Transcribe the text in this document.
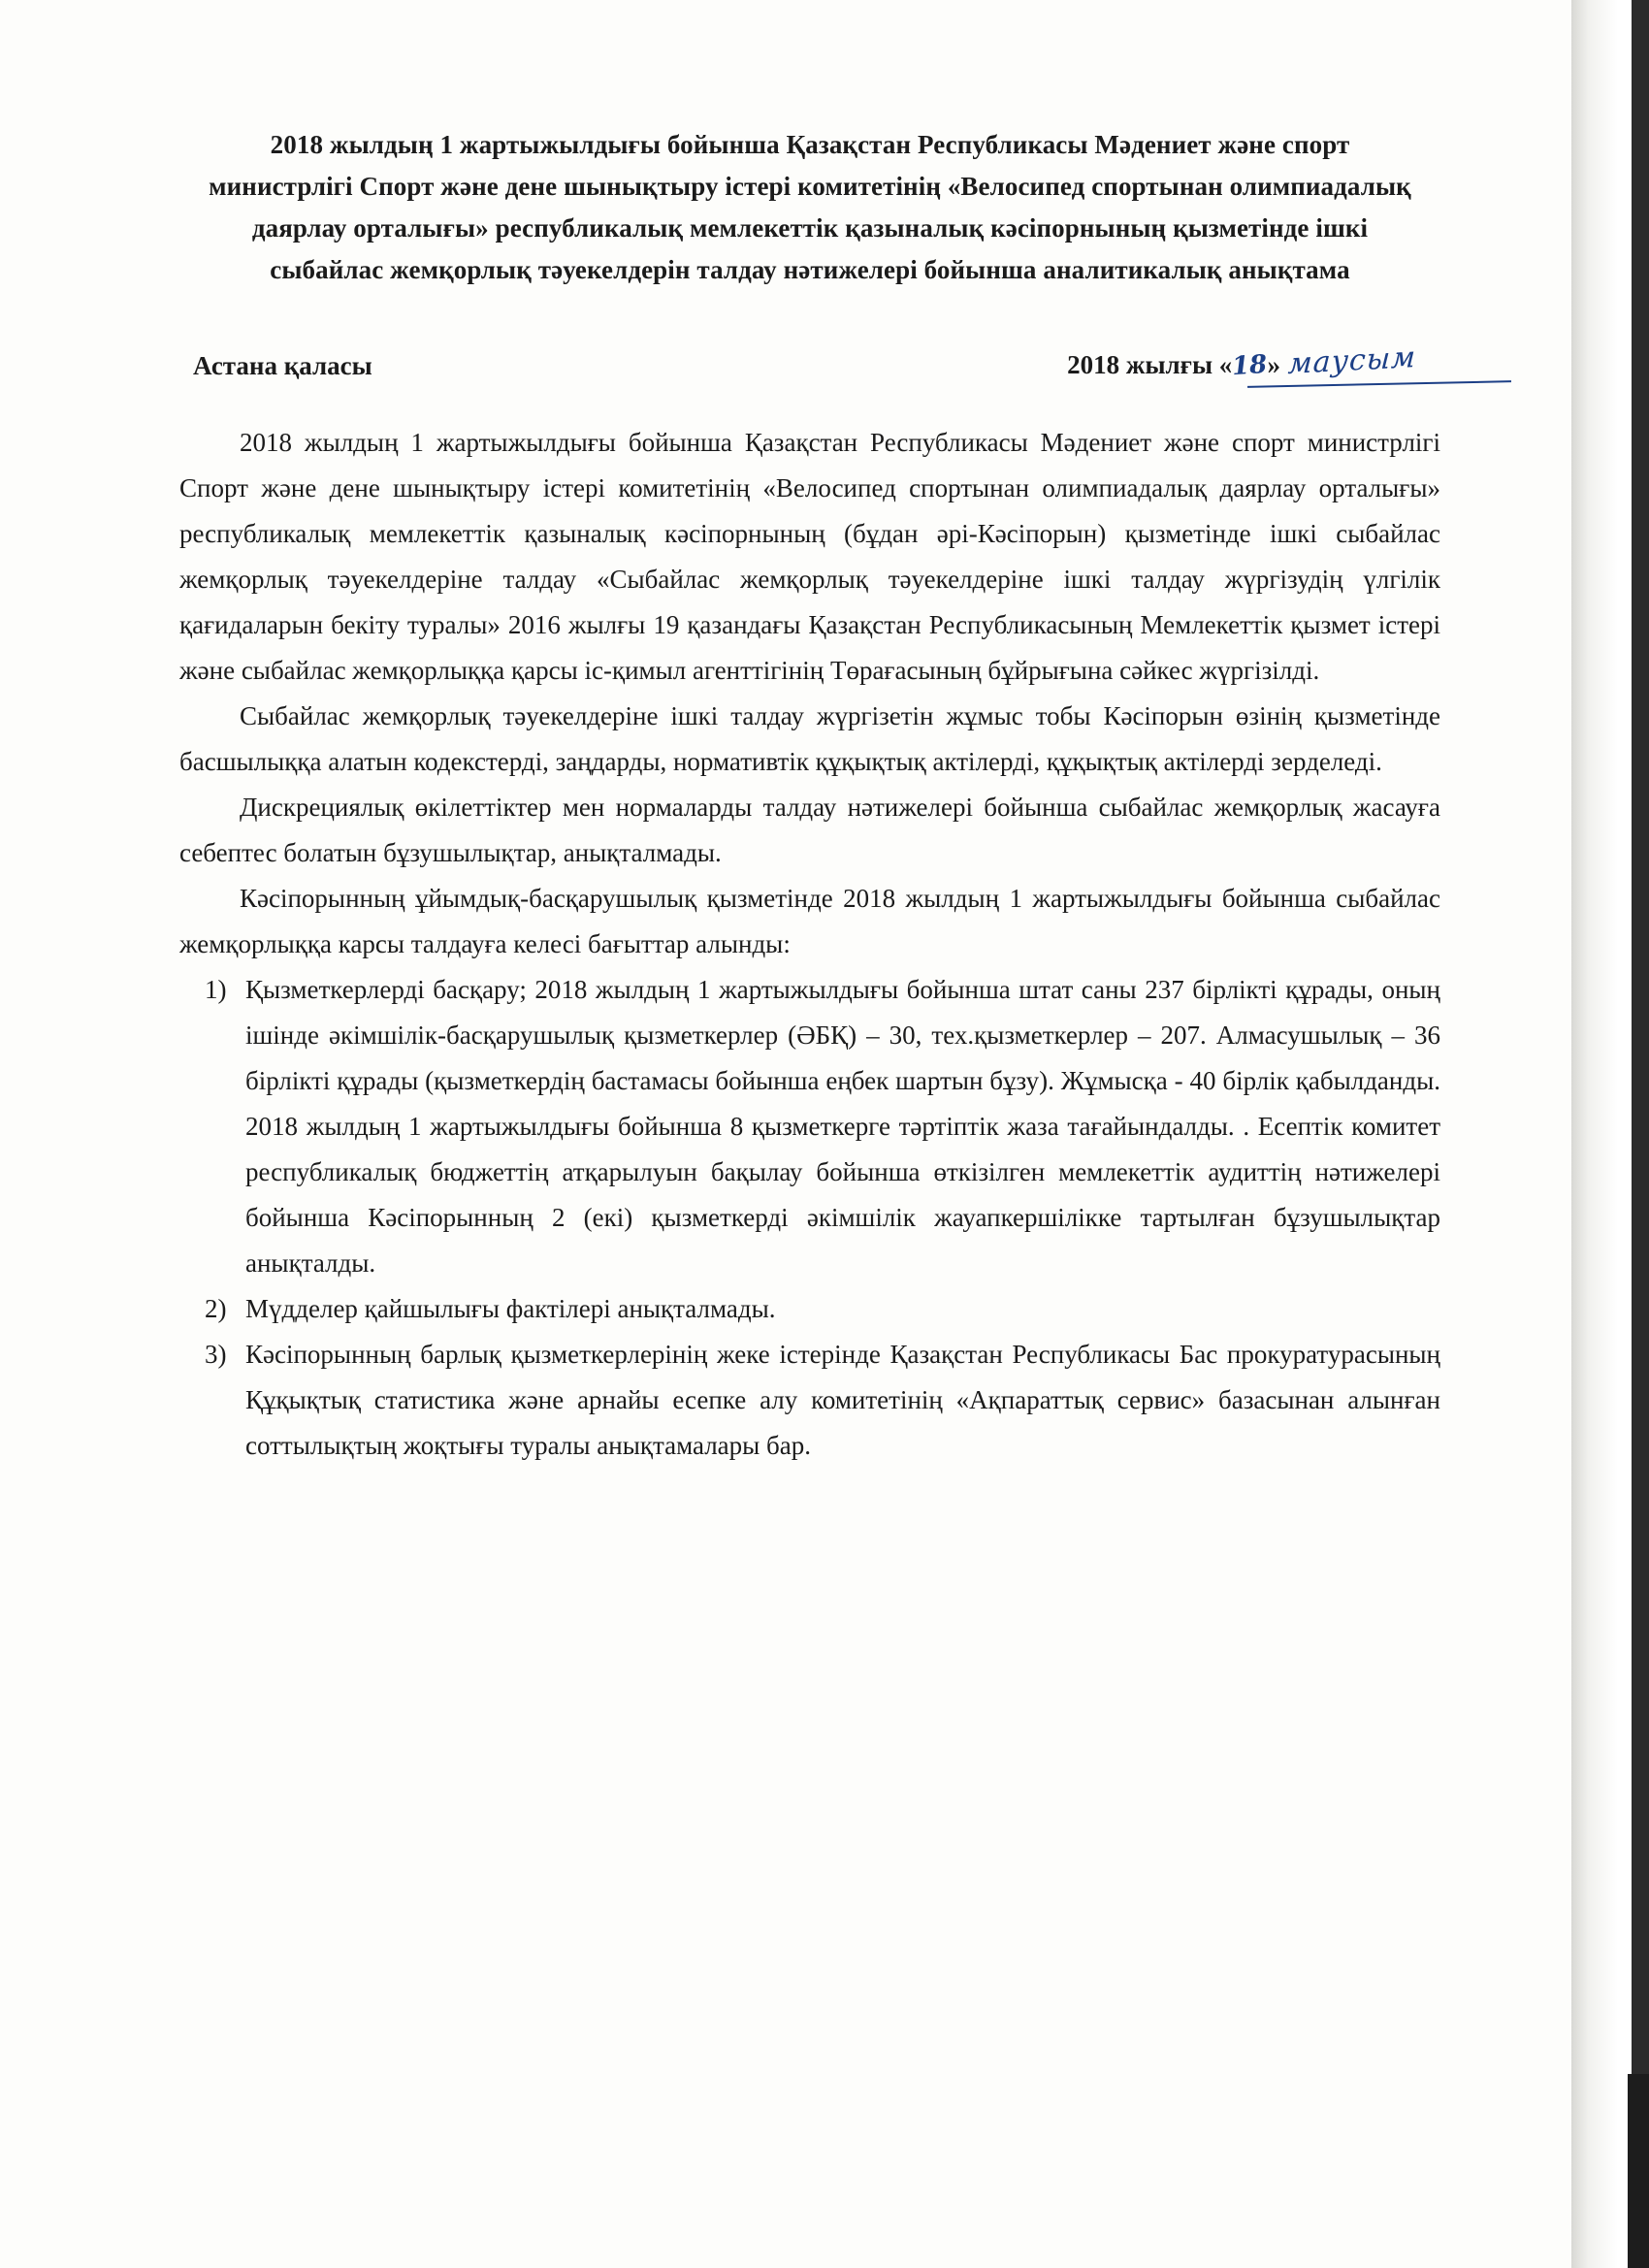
2018 жылдың 1 жартыжылдығы бойынша Қазақстан Республикасы Мәдениет және спорт министрлігі Спорт және дене шынықтыру істері комитетінің «Велосипед спортынан олимпиадалық даярлау орталығы» республикалық мемлекеттік қазыналық кәсіпорнының қызметінде ішкі сыбайлас жемқорлық тәуекелдерін талдау нәтижелері бойынша аналитикалық анықтама
Астана қаласы	2018 жылғы «18» маусым

2018 жылдың 1 жартыжылдығы бойынша Қазақстан Республикасы Мәдениет және спорт министрлігі Спорт және дене шынықтыру істері комитетінің «Велосипед спортынан олимпиадалық даярлау орталығы» республикалық мемлекеттік қазыналық кәсіпорнының (бұдан әрі-Кәсіпорын) қызметінде ішкі сыбайлас жемқорлық тәуекелдеріне талдау «Сыбайлас жемқорлық тәуекелдеріне ішкі талдау жүргізудің үлгілік қағидаларын бекіту туралы» 2016 жылғы 19 қазандағы Қазақстан Республикасының Мемлекеттік қызмет істері және сыбайлас жемқорлыққа қарсы іс-қимыл агенттігінің Төрағасының бұйрығына сәйкес жүргізілді.

Сыбайлас жемқорлық тәуекелдеріне ішкі талдау жүргізетін жұмыс тобы Кәсіпорын өзінің қызметінде басшылыққа алатын кодекстерді, заңдарды, нормативтік құқықтық актілерді, құқықтық актілерді зерделеді.

Дискрециялық өкілеттіктер мен нормаларды талдау нәтижелері бойынша сыбайлас жемқорлық жасауға себептес болатын бұзушылықтар, анықталмады.

Кәсіпорынның ұйымдық-басқарушылық қызметінде 2018 жылдың 1 жартыжылдығы бойынша сыбайлас жемқорлыққа карсы талдауға келесі бағыттар алынды:

Қызметкерлерді басқару; 2018 жылдың 1 жартыжылдығы бойынша штат саны 237 бірлікті құрады, оның ішінде әкімшілік-басқарушылық қызметкерлер (ӘБҚ) – 30, тех.қызметкерлер – 207. Алмасушылық – 36 бірлікті құрады (қызметкердің бастамасы бойынша еңбек шартын бұзу). Жұмысқа - 40 бірлік қабылданды. 2018 жылдың 1 жартыжылдығы бойынша 8 қызметкерге тәртіптік жаза тағайындалды. . Есептік комитет республикалық бюджеттің атқарылуын бақылау бойынша өткізілген мемлекеттік аудиттің нәтижелері бойынша Кәсіпорынның 2 (екі) қызметкерді әкімшілік жауапкершілікке тартылған бұзушылықтар анықталды.
Мүдделер қайшылығы фактілері анықталмады.
Кәсіпорынның барлық қызметкерлерінің жеке істерінде Қазақстан Республикасы Бас прокуратурасының Құқықтық статистика және арнайы есепке алу комитетінің «Ақпараттық сервис» базасынан алынған соттылықтың жоқтығы туралы анықтамалары бар.
